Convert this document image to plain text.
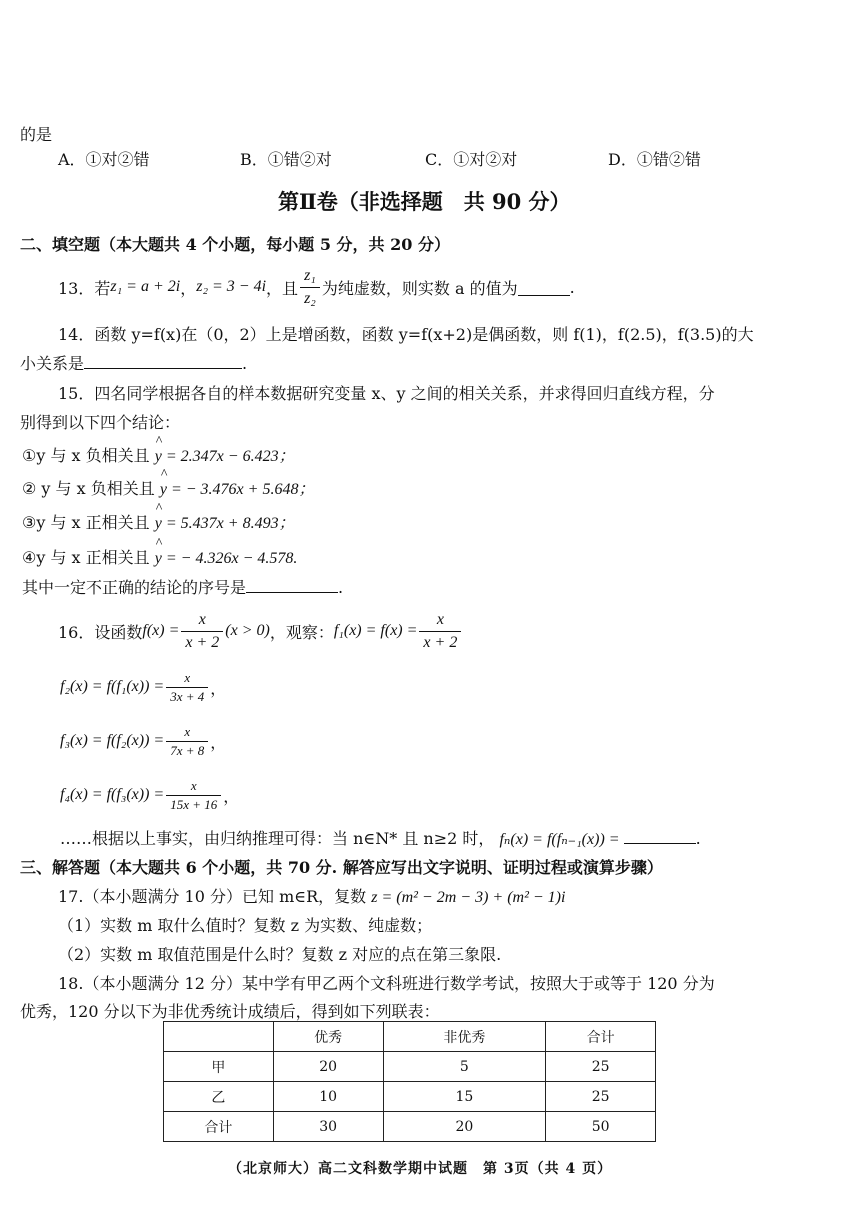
的是
A．①对②错	B．①错②对	C．①对②对	D．①错②错
第Ⅱ卷（非选择题　共 90 分）
二、填空题（本大题共 4 个小题，每小题 5 分，共 20 分）
13．若 z₁ = a + 2i ， z₂ = 3 − 4i ，且 $\frac{\text{z₁}}{\text{z₂}}$ 为纯虚数，则实数 a 的值为	.
14．函数 y=f(x)在（0，2）上是增函数，函数 y=f(x+2)是偶函数，则 f(1)，f(2.5)，f(3.5)的大
小关系是	.
15．四名同学根据各自的样本数据研究变量 x、y 之间的相关关系，并求得回归直线方程，分
别得到以下四个结论：
①y 与 x 负相关且 ^ y = 2.347x − 6.423；
② y 与 x 负相关且 ^ y = − 3.476x + 5.648；
③y 与 x 正相关且 ^ y = 5.437x + 8.493；
④y 与 x 正相关且 ^ y = − 4.326x − 4.578.
其中一定不正确的结论的序号是	.
16．设函数 $f(x) = \frac{x}{x + 2} (x > 0)$ ，观察： $f_1(x) = f(x) = \frac{x}{x + 2}$
$f_2(x) = f(f_1(x)) = \frac{x}{3x + 4}$ ，
$f_3(x) = f(f_2(x)) = \frac{x}{7x + 8}$ ，
$f_4(x) = f(f_3(x)) = \frac{x}{15x + 16}$ ，
……根据以上事实，由归纳推理可得：当 n∈N* 且 n≥2 时， fₙ(x) = f(fₙ₋₁(x)) =	.
三、解答题（本大题共 6 个小题，共 70 分. 解答应写出文字说明、证明过程或演算步骤）
17.（本小题满分 10 分）已知 m∈R，复数 z = (m² − 2m − 3) + (m² − 1)i
（1）实数 m 取什么值时？复数 z 为实数、纯虚数；
（2）实数 m 取值范围是什么时？复数 z 对应的点在第三象限.
18.（本小题满分 12 分）某中学有甲乙两个文科班进行数学考试，按照大于或等于 120 分为
优秀，120 分以下为非优秀统计成绩后，得到如下列联表：
	优秀	非优秀	合计
甲	20	5	25
乙	10	15	25
合计	30	20	50
（北京师大）高二文科数学期中试题　第 3页（共 4 页）
